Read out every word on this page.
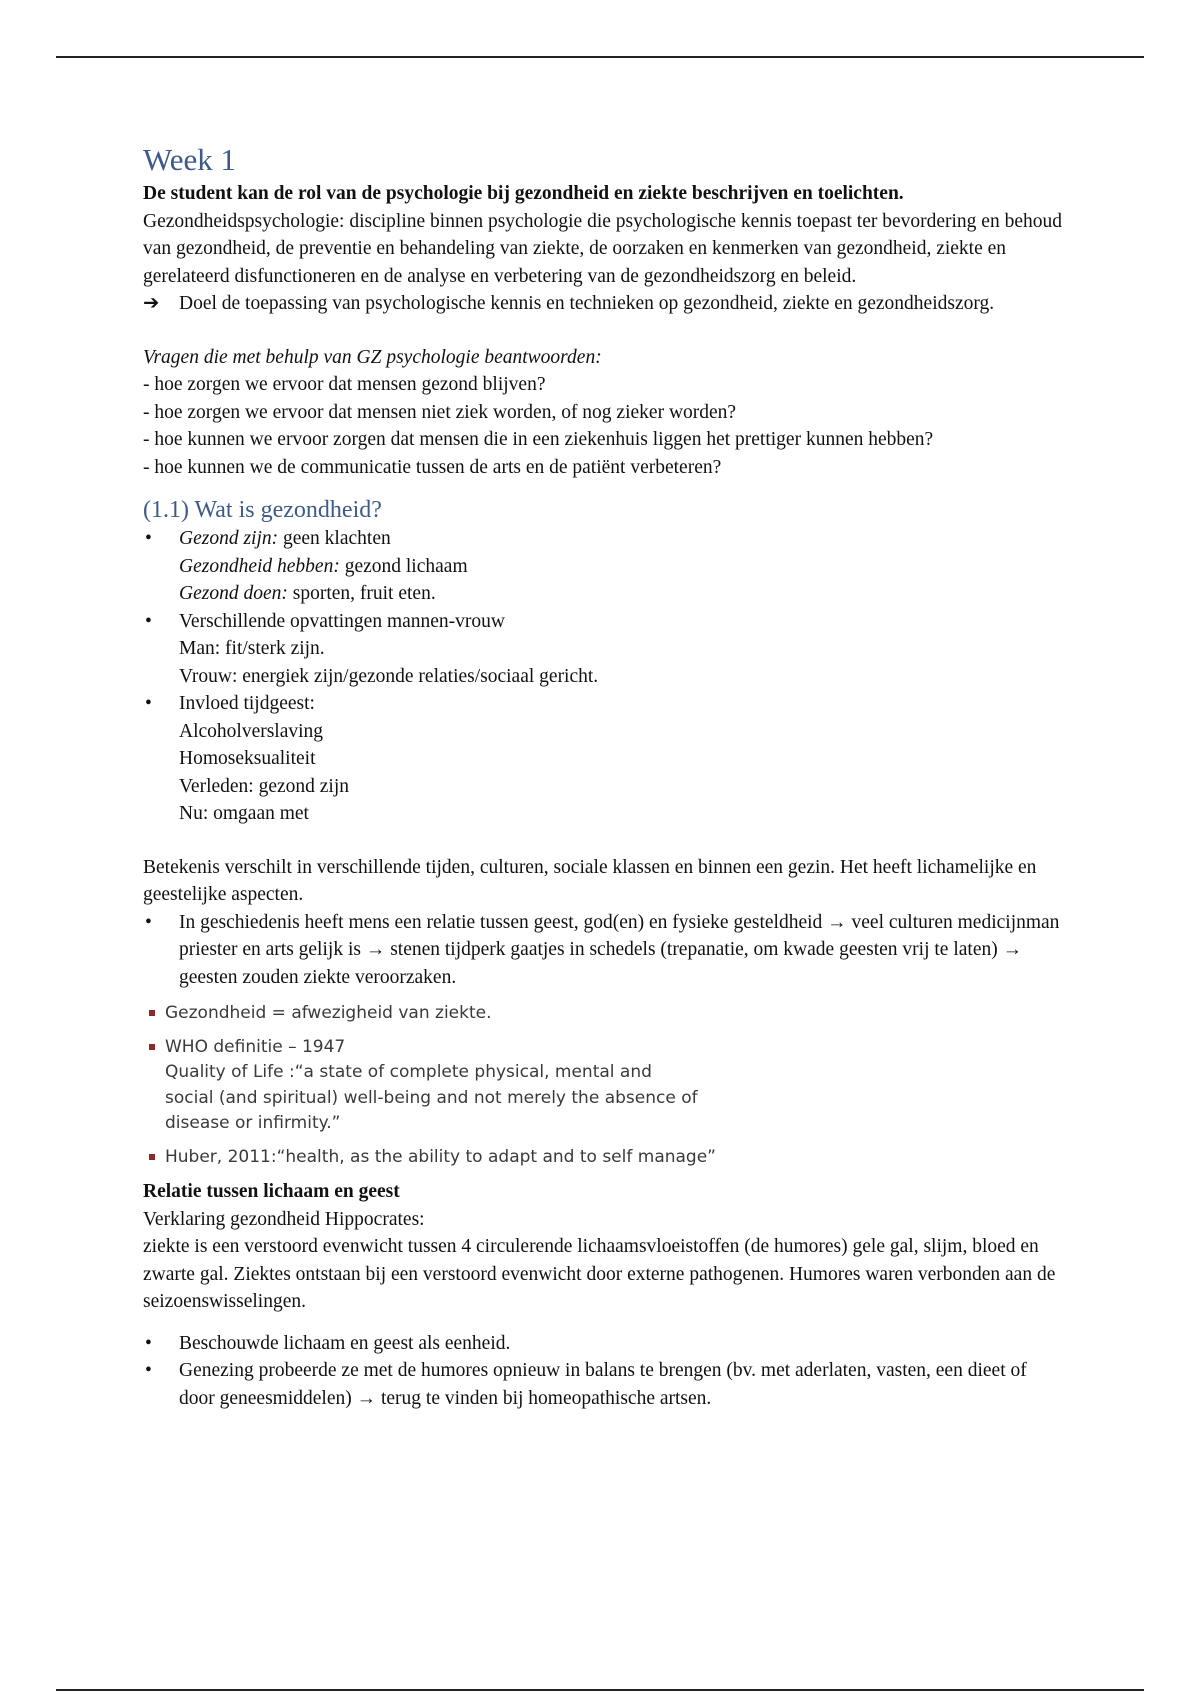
Week 1

De student kan de rol van de psychologie bij gezondheid en ziekte beschrijven en toelichten.

Gezondheidspsychologie: discipline binnen psychologie die psychologische kennis toepast ter bevordering en behoud van gezondheid, de preventie en behandeling van ziekte, de oorzaken en kenmerken van gezondheid, ziekte en gerelateerd disfunctioneren en de analyse en verbetering van de gezondheidszorg en beleid.

➔	Doel de toepassing van psychologische kennis en technieken op gezondheid, ziekte en gezondheidszorg.

Vragen die met behulp van GZ psychologie beantwoorden:

- hoe zorgen we ervoor dat mensen gezond blijven?

- hoe zorgen we ervoor dat mensen niet ziek worden, of nog zieker worden?

- hoe kunnen we ervoor zorgen dat mensen die in een ziekenhuis liggen het prettiger kunnen hebben?

- hoe kunnen we de communicatie tussen de arts en de patiënt verbeteren?

(1.1) Wat is gezondheid?
•	Gezond zijn: geen klachten
Gezondheid hebben: gezond lichaam
Gezond doen: sporten, fruit eten.
•	Verschillende opvattingen mannen-vrouw
Man: fit/sterk zijn.
Vrouw: energiek zijn/gezonde relaties/sociaal gericht.
•	Invloed tijdgeest:
Alcoholverslaving
Homoseksualiteit
Verleden: gezond zijn
Nu: omgaan met

Betekenis verschilt in verschillende tijden, culturen, sociale klassen en binnen een gezin. Het heeft lichamelijke en geestelijke aspecten.

•	In geschiedenis heeft mens een relatie tussen geest, god(en) en fysieke gesteldheid → veel culturen medicijnman priester en arts gelijk is → stenen tijdperk gaatjes in schedels (trepanatie, om kwade geesten vrij te laten) → geesten zouden ziekte veroorzaken.
Gezondheid = afwezigheid van ziekte.
WHO definitie – 1947
Quality of Life :“a state of complete physical, mental and social (and spiritual) well-being and not merely the absence of disease or infirmity.”
Huber, 2011:“health, as the ability to adapt and to self manage”

Relatie tussen lichaam en geest

Verklaring gezondheid Hippocrates:

ziekte is een verstoord evenwicht tussen 4 circulerende lichaamsvloeistoffen (de humores) gele gal, slijm, bloed en zwarte gal. Ziektes ontstaan bij een verstoord evenwicht door externe pathogenen. Humores waren verbonden aan de seizoenswisselingen.

•	Beschouwde lichaam en geest als eenheid.
•	Genezing probeerde ze met de humores opnieuw in balans te brengen (bv. met aderlaten, vasten, een dieet of door geneesmiddelen) → terug te vinden bij homeopathische artsen.
